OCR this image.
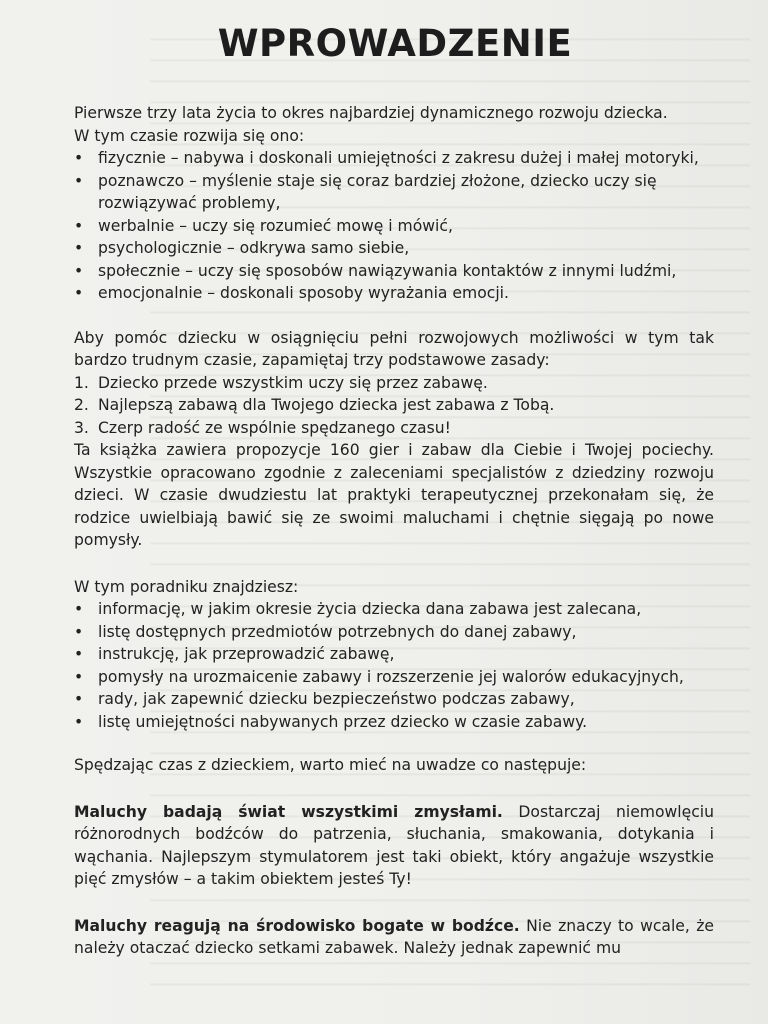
WPROWADZENIE

Pierwsze trzy lata życia to okres najbardziej dynamicznego rozwoju dziecka.

W tym czasie rozwija się ono:

• fizycznie – nabywa i doskonali umiejętności z zakresu dużej i małej motoryki,
• poznawczo – myślenie staje się coraz bardziej złożone, dziecko uczy się rozwiązywać problemy,
• werbalnie – uczy się rozumieć mowę i mówić,
• psychologicznie – odkrywa samo siebie,
• społecznie – uczy się sposobów nawiązywania kontaktów z innymi ludźmi,
• emocjonalnie – doskonali sposoby wyrażania emocji.

Aby pomóc dziecku w osiągnięciu pełni rozwojowych możliwości w tym tak bardzo trudnym czasie, zapamiętaj trzy podstawowe zasady:

1. Dziecko przede wszystkim uczy się przez zabawę.
2. Najlepszą zabawą dla Twojego dziecka jest zabawa z Tobą.
3. Czerp radość ze wspólnie spędzanego czasu!

Ta książka zawiera propozycje 160 gier i zabaw dla Ciebie i Twojej pociechy. Wszystkie opracowano zgodnie z zaleceniami specjalistów z dziedziny rozwoju dzieci. W czasie dwudziestu lat praktyki terapeutycznej przekonałam się, że rodzice uwielbiają bawić się ze swoimi maluchami i chętnie sięgają po nowe pomysły.

W tym poradniku znajdziesz:

• informację, w jakim okresie życia dziecka dana zabawa jest zalecana,
• listę dostępnych przedmiotów potrzebnych do danej zabawy,
• instrukcję, jak przeprowadzić zabawę,
• pomysły na urozmaicenie zabawy i rozszerzenie jej walorów edukacyjnych,
• rady, jak zapewnić dziecku bezpieczeństwo podczas zabawy,
• listę umiejętności nabywanych przez dziecko w czasie zabawy.

Spędzając czas z dzieckiem, warto mieć na uwadze co następuje:

Maluchy badają świat wszystkimi zmysłami. Dostarczaj niemowlęciu różnorodnych bodźców do patrzenia, słuchania, smakowania, dotykania i wąchania. Najlepszym stymulatorem jest taki obiekt, który angażuje wszystkie pięć zmysłów – a takim obiektem jesteś Ty!

Maluchy reagują na środowisko bogate w bodźce. Nie znaczy to wcale, że należy otaczać dziecko setkami zabawek. Należy jednak zapewnić mu
